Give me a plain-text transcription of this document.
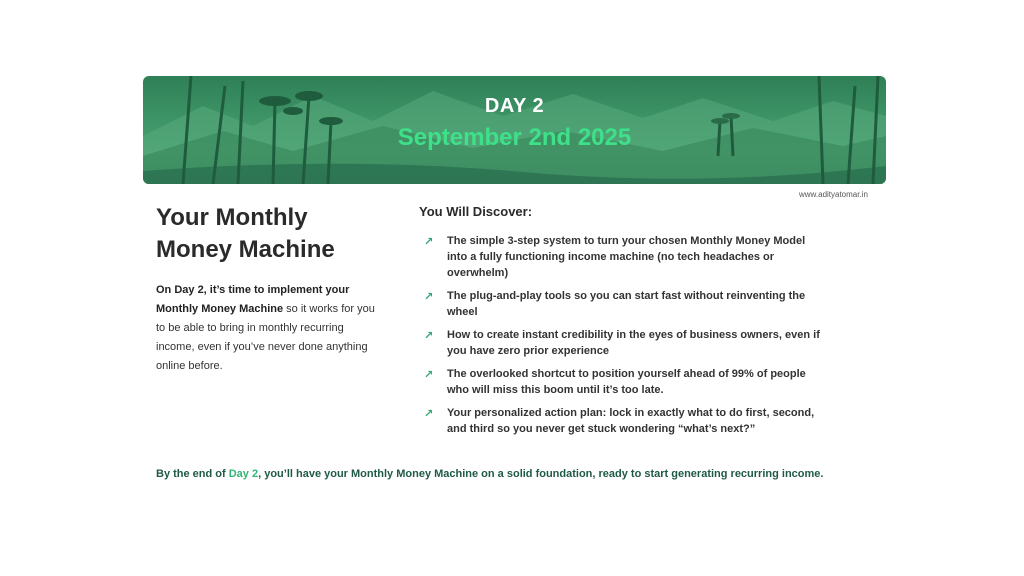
DAY 2
September 2nd 2025
www.adityatomar.in
Your Monthly Money Machine
On Day 2, it’s time to implement your Monthly Money Machine so it works for you to be able to bring in monthly recurring income, even if you’ve never done anything online before.
You Will Discover:
↗ The simple 3-step system to turn your chosen Monthly Money Model into a fully functioning income machine (no tech headaches or overwhelm)
↗ The plug-and-play tools so you can start fast without reinventing the wheel
↗ How to create instant credibility in the eyes of business owners, even if you have zero prior experience
↗ The overlooked shortcut to position yourself ahead of 99% of people who will miss this boom until it’s too late.
↗ Your personalized action plan: lock in exactly what to do first, second, and third so you never get stuck wondering “what’s next?”
By the end of Day 2, you’ll have your Monthly Money Machine on a solid foundation, ready to start generating recurring income.
